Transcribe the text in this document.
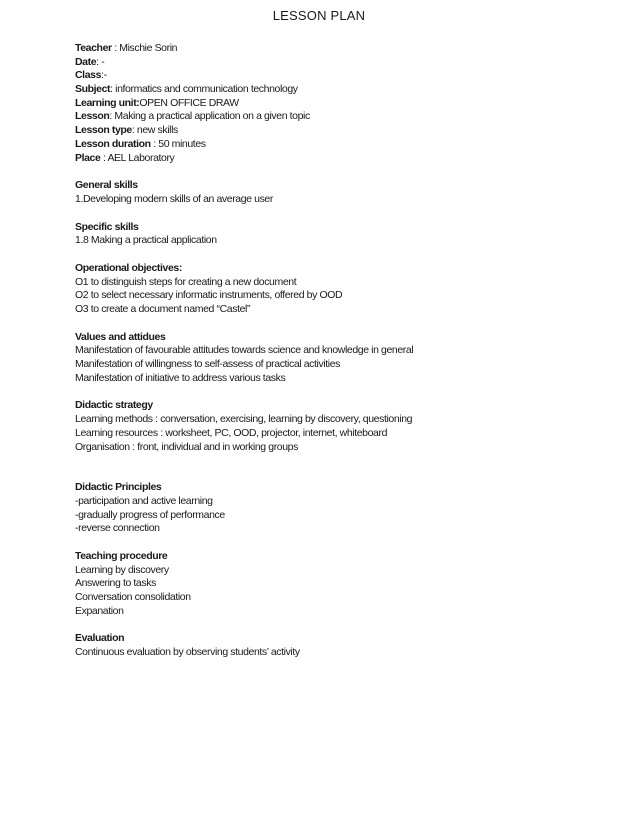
LESSON PLAN
Teacher : Mischie Sorin
Date: -
Class:-
Subject: informatics and communication technology
Learning unit:OPEN OFFICE DRAW
Lesson: Making a practical application on a given topic
Lesson type: new skills
Lesson duration : 50 minutes
Place : AEL Laboratory
General skills
1.Developing modern skills of an average user
Specific skills
1.8 Making a practical application
Operational objectives:
O1 to distinguish steps for creating a new document
O2 to select necessary informatic instruments, offered by OOD
O3 to create a document named “Castel”
Values and attidues
Manifestation of favourable attitudes towards science and knowledge in general
Manifestation of willingness to self-assess of practical activities
Manifestation of initiative to address various tasks
Didactic strategy
Learning methods : conversation, exercising, learning by discovery, questioning
Learning resources : worksheet, PC, OOD, projector, internet, whiteboard
Organisation : front, individual and in working groups
Didactic Principles
-participation and active learning
-gradually progress of performance
-reverse connection
Teaching procedure
Learning by discovery
Answering to tasks
Conversation consolidation
Expanation
Evaluation
Continuous evaluation by observing students’ activity
